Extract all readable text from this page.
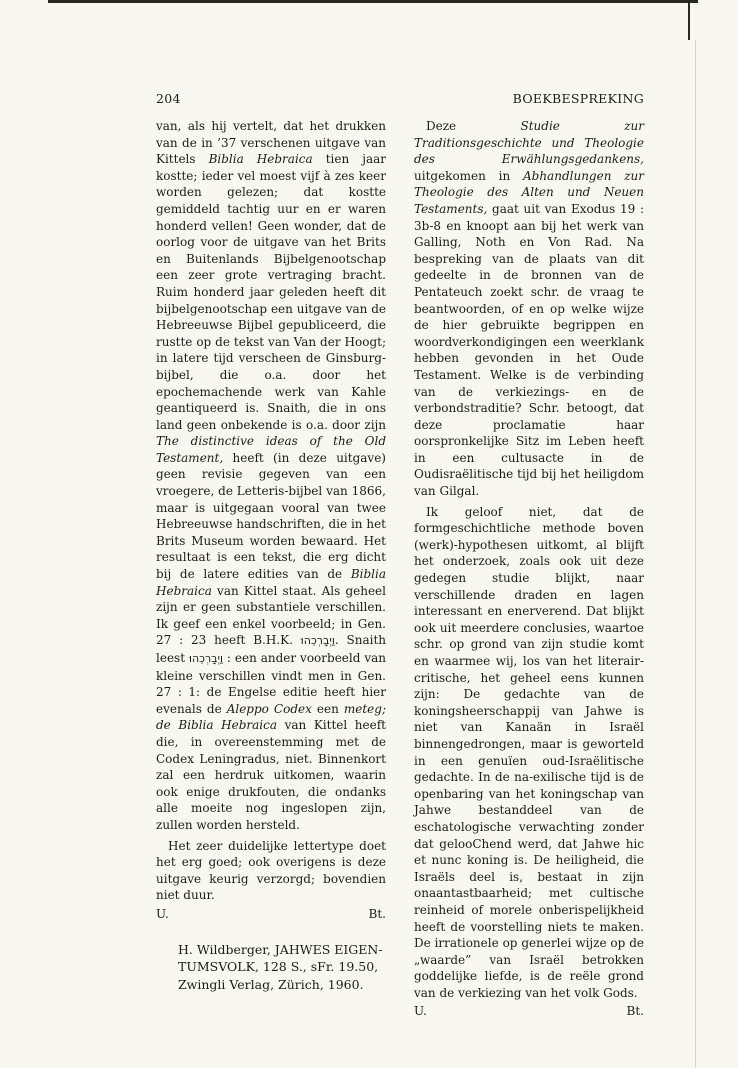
204	BOEKBESPREKING

van, als hij vertelt, dat het drukken van de in ’37 verschenen uitgave van Kittels Biblia Hebraica tien jaar kostte; ieder vel moest vijf à zes keer worden gelezen; dat kostte gemiddeld tachtig uur en er waren honderd vellen! Geen wonder, dat de oorlog voor de uitgave van het Brits en Buitenlands Bijbelgenootschap een zeer grote vertraging bracht. Ruim honderd jaar geleden heeft dit bijbelgenootschap een uitgave van de Hebreeuwse Bijbel gepubliceerd, die rustte op de tekst van Van der Hoogt; in latere tijd verscheen de Ginsburg-bijbel, die o.a. door het epochemachende werk van Kahle geantiqueerd is. Snaith, die in ons land geen onbekende is o.a. door zijn The distinctive ideas of the Old Testament, heeft (in deze uitgave) geen revisie gegeven van een vroegere, de Letteris-bijbel van 1866, maar is uitgegaan vooral van twee Hebreeuwse handschriften, die in het Brits Museum worden bewaard. Het resultaat is een tekst, die erg dicht bij de latere edities van de Biblia Hebraica van Kittel staat. Als geheel zijn er geen substantiele verschillen. Ik geef een enkel voorbeeld; in Gen. 27 : 23 heeft B.H.K. וַיְבָרְכֵהוּ. Snaith leest וַיְבָרְכֵהוּ : een ander voorbeeld van kleine verschillen vindt men in Gen. 27 : 1: de Engelse editie heeft hier evenals de Aleppo Codex een meteg; de Biblia Hebraica van Kittel heeft die, in overeenstemming met de Codex Leningradus, niet. Binnenkort zal een herdruk uitkomen, waarin ook enige drukfouten, die ondanks alle moeite nog ingeslopen zijn, zullen worden hersteld.

Het zeer duidelijke lettertype doet het erg goed; ook overigens is deze uitgave keurig verzorgd; bovendien niet duur.

U.	Bt.
H. Wildberger, JAHWES EIGEN-
TUMSVOLK, 128 S., sFr. 19.50,
Zwingli Verlag, Zürich, 1960.

Deze Studie zur Traditionsgeschichte und Theologie des Erwählungsgedankens, uitgekomen in Abhandlungen zur Theologie des Alten und Neuen Testaments, gaat uit van Exodus 19 : 3b-8 en knoopt aan bij het werk van Galling, Noth en Von Rad. Na bespreking van de plaats van dit gedeelte in de bronnen van de Pentateuch zoekt schr. de vraag te beantwoorden, of en op welke wijze de hier gebruikte begrippen en woordverkondigingen een weerklank hebben gevonden in het Oude Testament. Welke is de verbinding van de verkiezings- en de verbondstraditie? Schr. betoogt, dat deze proclamatie haar oorspronkelijke Sitz im Leben heeft in een cultusacte in de Oudisraëlitische tijd bij het heiligdom van Gilgal.

Ik geloof niet, dat de formgeschichtliche methode boven (werk)-hypothesen uitkomt, al blijft het onderzoek, zoals ook uit deze gedegen studie blijkt, naar verschillende draden en lagen interessant en enerverend. Dat blijkt ook uit meerdere conclusies, waartoe schr. op grond van zijn studie komt en waarmee wij, los van het literair-critische, het geheel eens kunnen zijn: De gedachte van de koningsheerschappij van Jahwe is niet van Kanaän in Israël binnengedrongen, maar is geworteld in een genuïen oud-Israëlitische gedachte. In de na-exilische tijd is de openbaring van het koningschap van Jahwe bestanddeel van de eschatologische verwachting zonder dat gelooChend werd, dat Jahwe hic et nunc koning is. De heiligheid, die Israëls deel is, bestaat in zijn onaantastbaarheid; met cultische reinheid of morele onberispelijkheid heeft de voorstelling niets te maken. De irrationele op generlei wijze op de „waarde” van Israël betrokken goddelijke liefde, is de reële grond van de verkiezing van het volk Gods.

U.	Bt.
